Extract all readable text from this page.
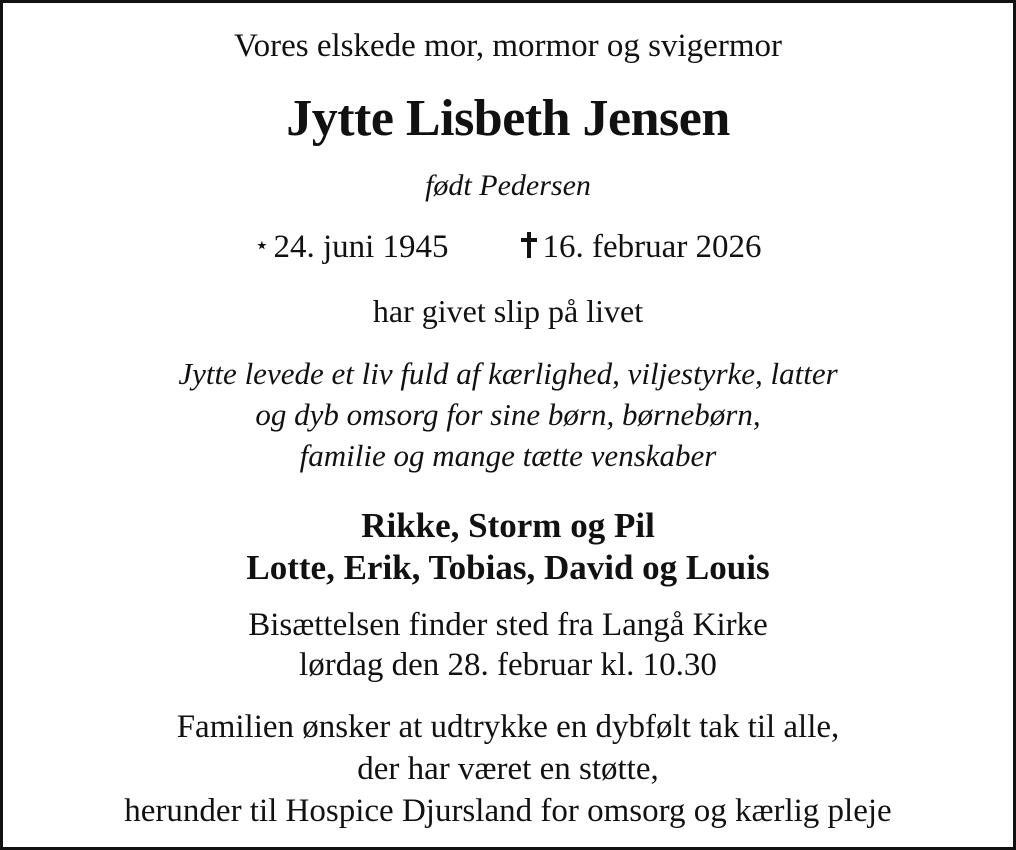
Vores elskede mor, mormor og svigermor
Jytte Lisbeth Jensen
født Pedersen
⋆ 24. juni 1945	16. februar 2026
har givet slip på livet
Jytte levede et liv fuld af kærlighed, viljestyrke, latter
og dyb omsorg for sine børn, børnebørn,
familie og mange tætte venskaber
Rikke, Storm og Pil
Lotte, Erik, Tobias, David og Louis
Bisættelsen finder sted fra Langå Kirke
lørdag den 28. februar kl. 10.30
Familien ønsker at udtrykke en dybfølt tak til alle,
der har været en støtte,
herunder til Hospice Djursland for omsorg og kærlig pleje
